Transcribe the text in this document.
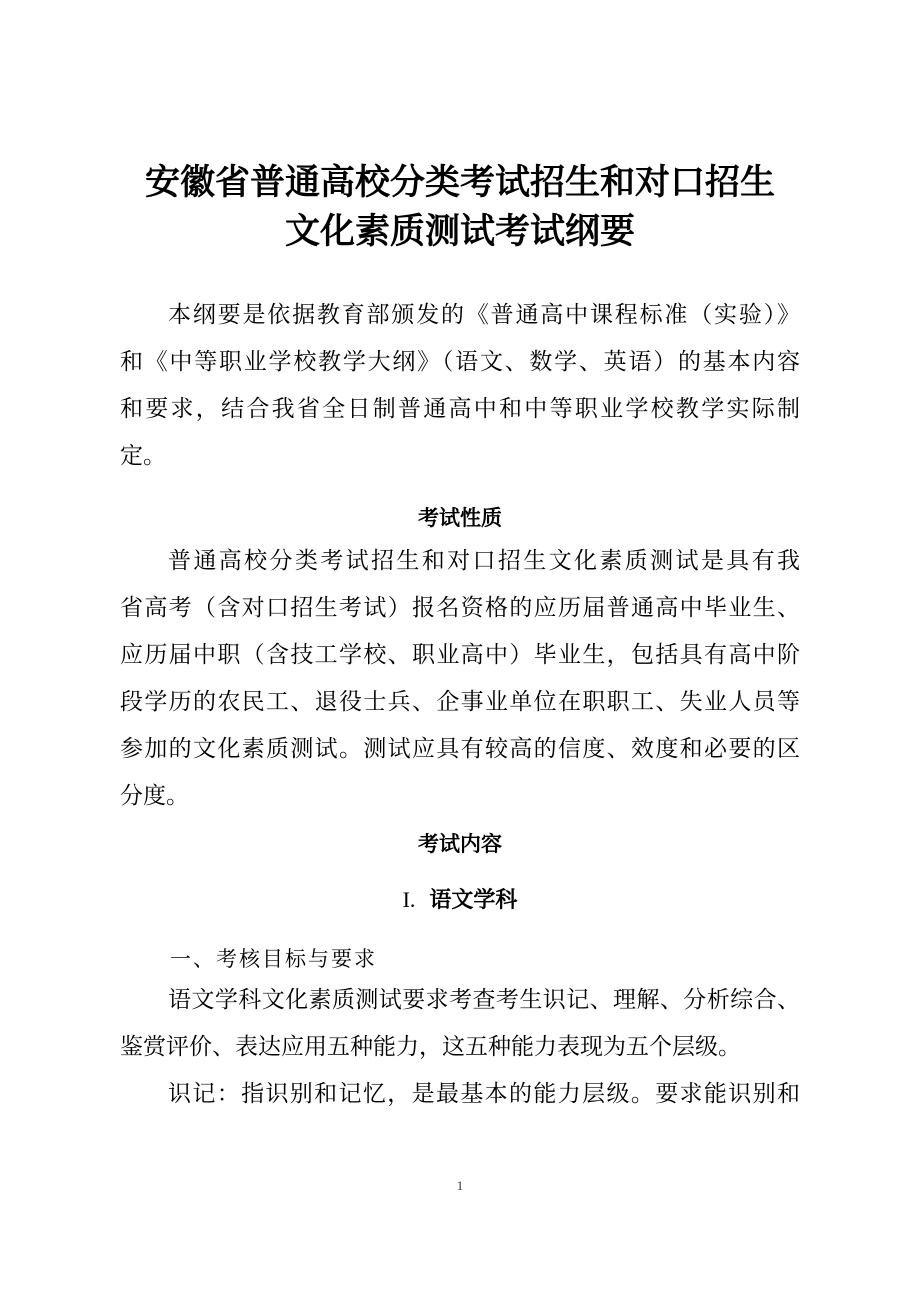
安徽省普通高校分类考试招生和对口招生
文化素质测试考试纲要
本纲要是依据教育部颁发的《普通高中课程标准（实验）》
和《中等职业学校教学大纲》（语文、数学、英语）的基本内容
和要求，结合我省全日制普通高中和中等职业学校教学实际制
定。
考试性质
普通高校分类考试招生和对口招生文化素质测试是具有我
省高考（含对口招生考试）报名资格的应历届普通高中毕业生、
应历届中职（含技工学校、职业高中）毕业生，包括具有高中阶
段学历的农民工、退役士兵、企事业单位在职职工、失业人员等
参加的文化素质测试。测试应具有较高的信度、效度和必要的区
分度。
考试内容
I. 语文学科
一、考核目标与要求
语文学科文化素质测试要求考查考生识记、理解、分析综合、
鉴赏评价、表达应用五种能力，这五种能力表现为五个层级。
识记：指识别和记忆，是最基本的能力层级。要求能识别和
1
